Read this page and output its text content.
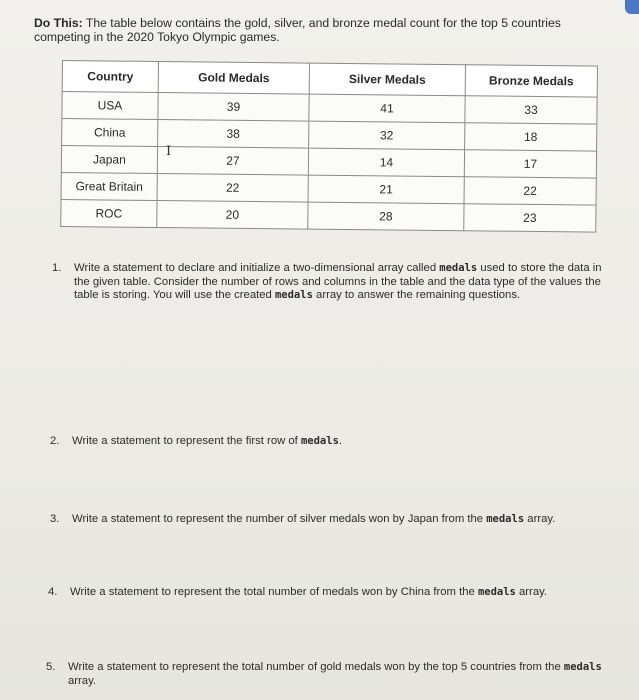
Do This: The table below contains the gold, silver, and bronze medal count for the top 5 countries competing in the 2020 Tokyo Olympic games.
Country	Gold Medals	Silver Medals	Bronze Medals
USA	39	41	33
China	38	32	18
Japan	27	14	17
Great Britain	22	21	22
ROC	20	28	23
I
1. Write a statement to declare and initialize a two-dimensional array called medals used to store the data in the given table. Consider the number of rows and columns in the table and the data type of the values the table is storing. You will use the created medals array to answer the remaining questions.
2. Write a statement to represent the first row of medals.
3. Write a statement to represent the number of silver medals won by Japan from the medals array.
4. Write a statement to represent the total number of medals won by China from the medals array.
5. Write a statement to represent the total number of gold medals won by the top 5 countries from the medals array.
